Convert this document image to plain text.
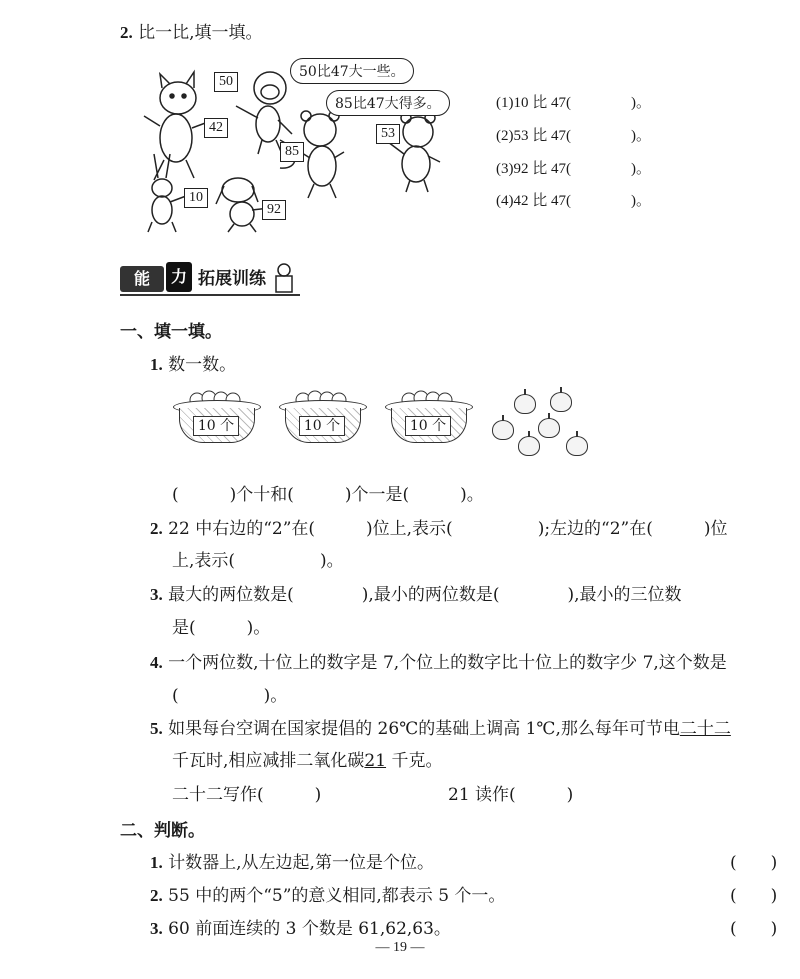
2. 比一比,填一填。
50比47大一些。
85比47大得多。
50
42
85
53
10
92
(1)10 比 47(　　　　)。
(2)53 比 47(　　　　)。
(3)92 比 47(　　　　)。
(4)42 比 47(　　　　)。
能	力 拓展训练
一、填一填。
1. 数一数。
10 个	10 个	10 个
(　　　)个十和(　　　)个一是(　　　)。
2. 22 中右边的“2”在(　　　)位上,表示(　　　　　);左边的“2”在(　　　)位
上,表示(　　　　　)。
3. 最大的两位数是(　　　　),最小的两位数是(　　　　),最小的三位数
是(　　　)。
4. 一个两位数,十位上的数字是 7,个位上的数字比十位上的数字少 7,这个数是
(　　　　　)。
5. 如果每台空调在国家提倡的 26℃的基础上调高 1℃,那么每年可节电二十二
千瓦时,相应减排二氧化碳21 千克。
二十二写作(　　　)	21 读作(　　　)
二、判断。
1. 计数器上,从左边起,第一位是个位。	(　　)
2. 55 中的两个“5”的意义相同,都表示 5 个一。	(　　)
3. 60 前面连续的 3 个数是 61,62,63。	(　　)
— 19 —
